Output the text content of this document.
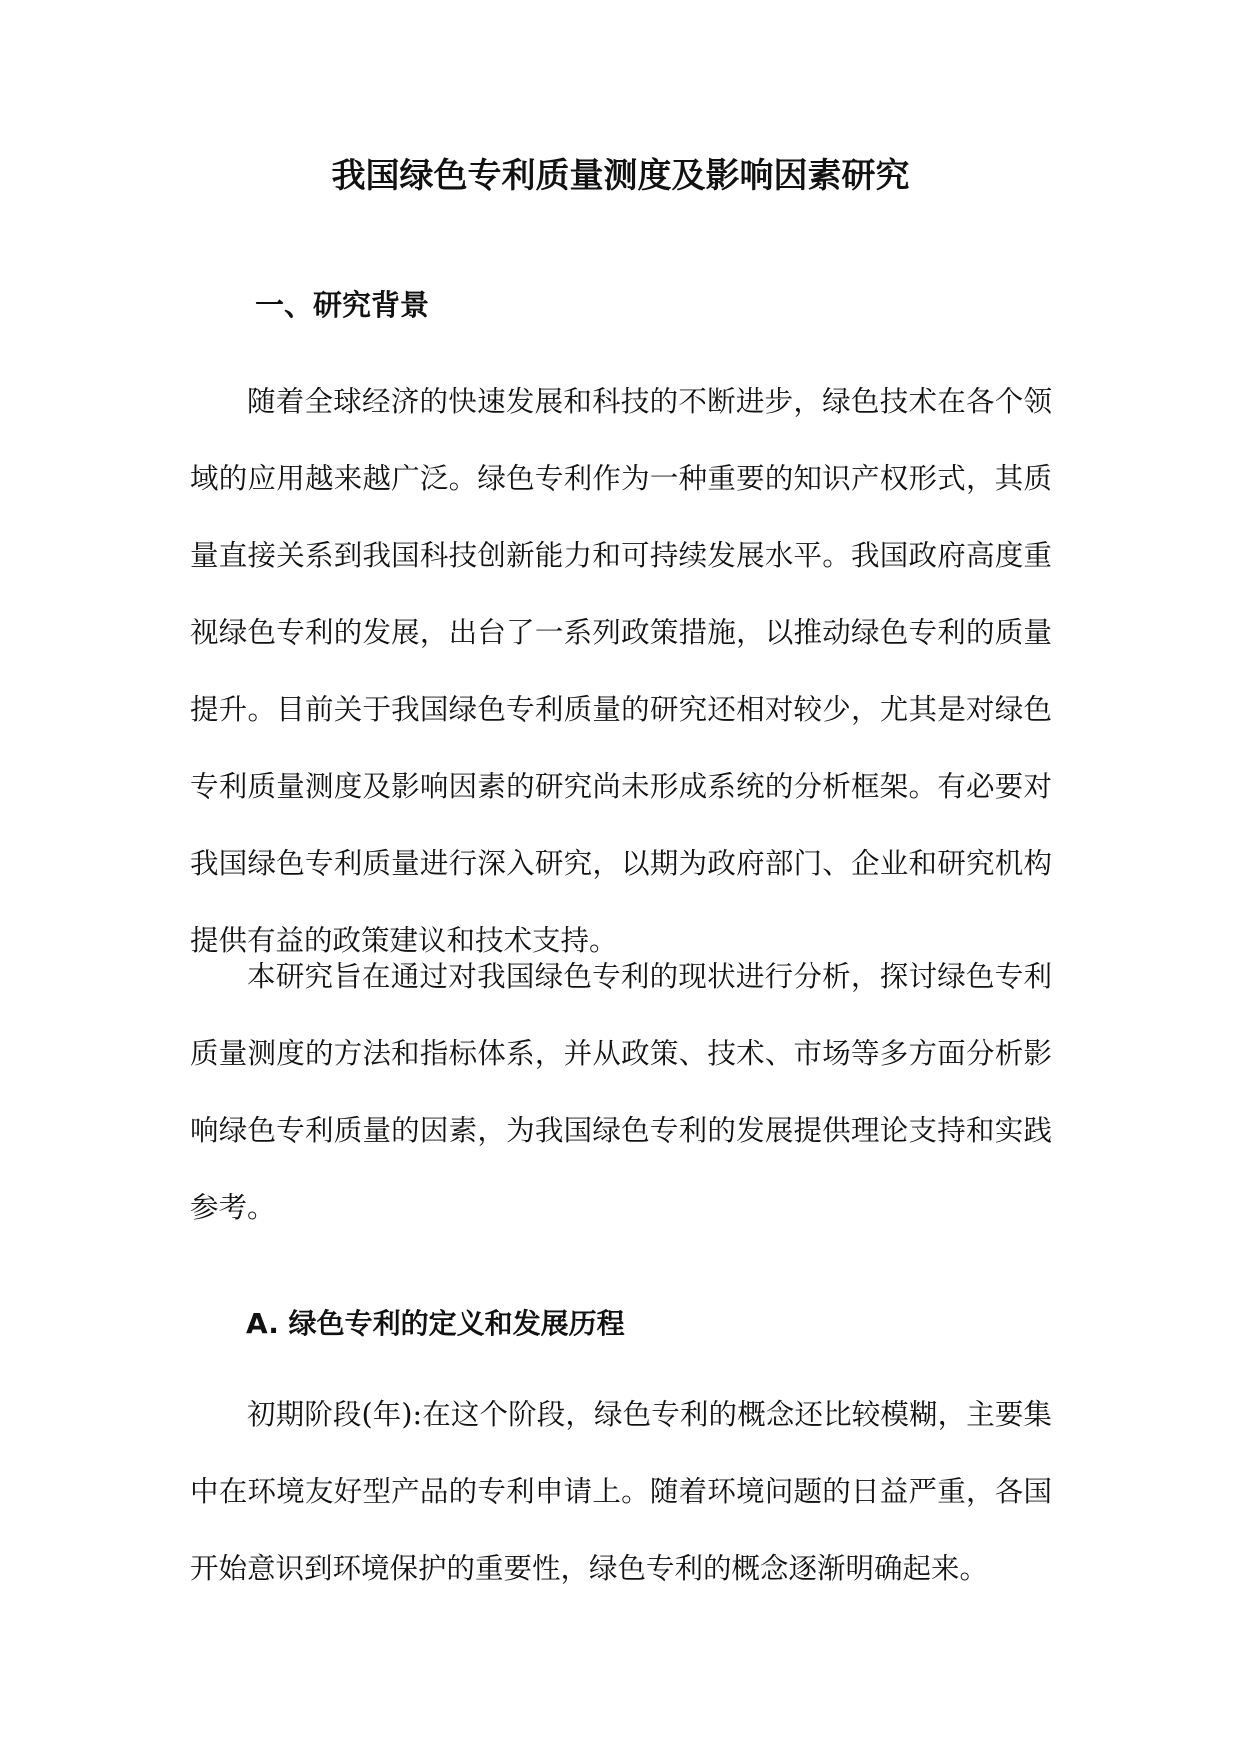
我国绿色专利质量测度及影响因素研究
一、研究背景

随着全球经济的快速发展和科技的不断进步，绿色技术在各个领域的应用越来越广泛。绿色专利作为一种重要的知识产权形式，其质量直接关系到我国科技创新能力和可持续发展水平。我国政府高度重视绿色专利的发展，出台了一系列政策措施，以推动绿色专利的质量提升。目前关于我国绿色专利质量的研究还相对较少，尤其是对绿色专利质量测度及影响因素的研究尚未形成系统的分析框架。有必要对我国绿色专利质量进行深入研究，以期为政府部门、企业和研究机构提供有益的政策建议和技术支持。

本研究旨在通过对我国绿色专利的现状进行分析，探讨绿色专利质量测度的方法和指标体系，并从政策、技术、市场等多方面分析影响绿色专利质量的因素，为我国绿色专利的发展提供理论支持和实践参考。

A. 绿色专利的定义和发展历程

初期阶段(年):在这个阶段，绿色专利的概念还比较模糊，主要集中在环境友好型产品的专利申请上。随着环境问题的日益严重，各国开始意识到环境保护的重要性，绿色专利的概念逐渐明确起来。
